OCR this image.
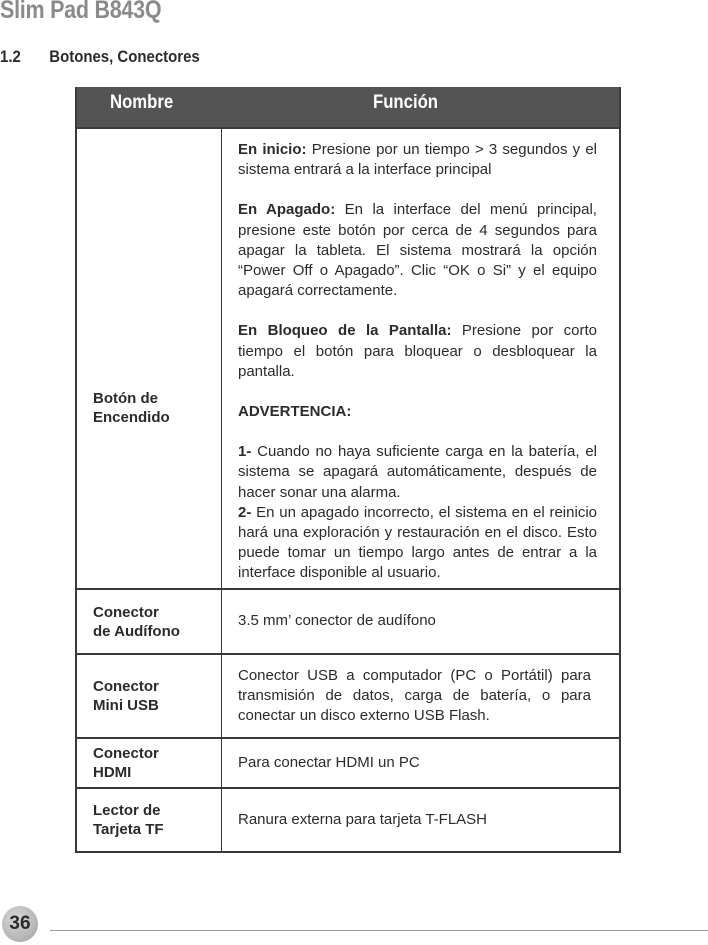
Slim Pad B843Q
1.2 Botones, Conectores
Nombre	Función
Botón de Encendido

En inicio: Presione por un tiempo > 3 segundos y el sistema entrará a la interface principal

En Apagado: En la interface del menú principal, presione este botón por cerca de 4 segundos para apagar la tableta. El sistema mostrará la opción “Power Off o Apagado”. Clic “OK o Si” y el equipo apagará correctamente.

En Bloqueo de la Pantalla: Presione por corto tiempo el botón para bloquear o desbloquear la pantalla.

ADVERTENCIA:

1- Cuando no haya suficiente carga en la batería, el sistema se apagará automáticamente, después de hacer sonar una alarma.

2- En un apagado incorrecto, el sistema en el reinicio hará una exploración y restauración en el disco. Esto puede tomar un tiempo largo antes de entrar a la interface disponible al usuario.

Conector
de Audífono

3.5 mm’ conector de audífono

Conector
Mini USB

Conector USB a computador (PC o Portátil) para transmisión de datos, carga de batería, o para conectar un disco externo USB Flash.

Conector
HDMI

Para conectar HDMI un PC

Lector de
Tarjeta TF

Ranura externa para tarjeta T-FLASH

36
